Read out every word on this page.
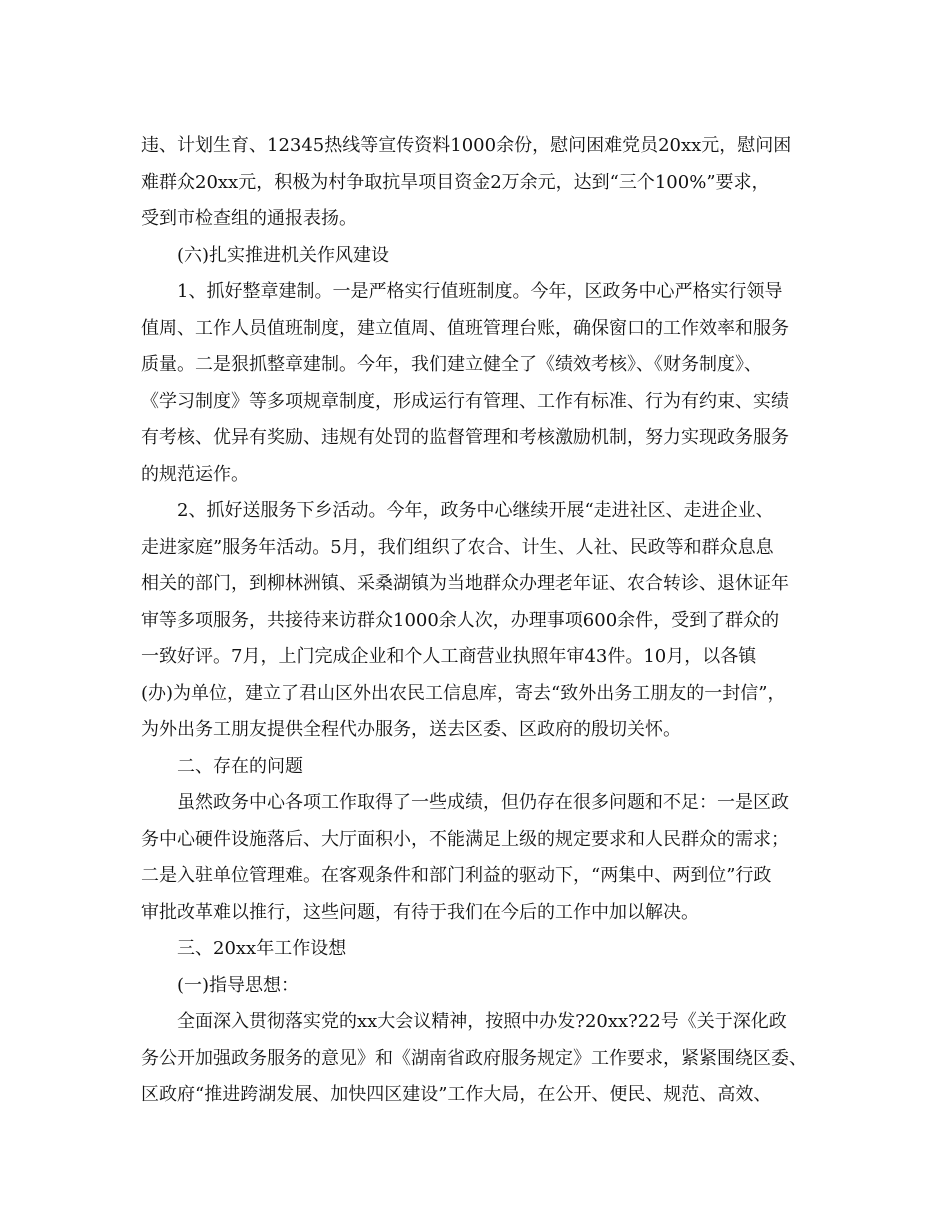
违、计划生育、12345热线等宣传资料1000余份，慰问困难党员20xx元，慰问困
难群众20xx元，积极为村争取抗旱项目资金2万余元，达到“三个100%”要求，
受到市检查组的通报表扬。
(六)扎实推进机关作风建设
1、抓好整章建制。一是严格实行值班制度。今年，区政务中心严格实行领导
值周、工作人员值班制度，建立值周、值班管理台账，确保窗口的工作效率和服务
质量。二是狠抓整章建制。今年，我们建立健全了《绩效考核》、《财务制度》、
《学习制度》等多项规章制度，形成运行有管理、工作有标准、行为有约束、实绩
有考核、优异有奖励、违规有处罚的监督管理和考核激励机制，努力实现政务服务
的规范运作。
2、抓好送服务下乡活动。今年，政务中心继续开展“走进社区、走进企业、
走进家庭”服务年活动。5月，我们组织了农合、计生、人社、民政等和群众息息
相关的部门，到柳林洲镇、采桑湖镇为当地群众办理老年证、农合转诊、退休证年
审等多项服务，共接待来访群众1000余人次，办理事项600余件，受到了群众的
一致好评。7月，上门完成企业和个人工商营业执照年审43件。10月，以各镇
(办)为单位，建立了君山区外出农民工信息库，寄去“致外出务工朋友的一封信”，
为外出务工朋友提供全程代办服务，送去区委、区政府的殷切关怀。
二、存在的问题
虽然政务中心各项工作取得了一些成绩，但仍存在很多问题和不足：一是区政
务中心硬件设施落后、大厅面积小，不能满足上级的规定要求和人民群众的需求；
二是入驻单位管理难。在客观条件和部门利益的驱动下，“两集中、两到位”行政
审批改革难以推行，这些问题，有待于我们在今后的工作中加以解决。
三、20xx年工作设想
(一)指导思想：
全面深入贯彻落实党的xx大会议精神，按照中办发?20xx?22号《关于深化政
务公开加强政务服务的意见》和《湖南省政府服务规定》工作要求，紧紧围绕区委、
区政府“推进跨湖发展、加快四区建设”工作大局，在公开、便民、规范、高效、
